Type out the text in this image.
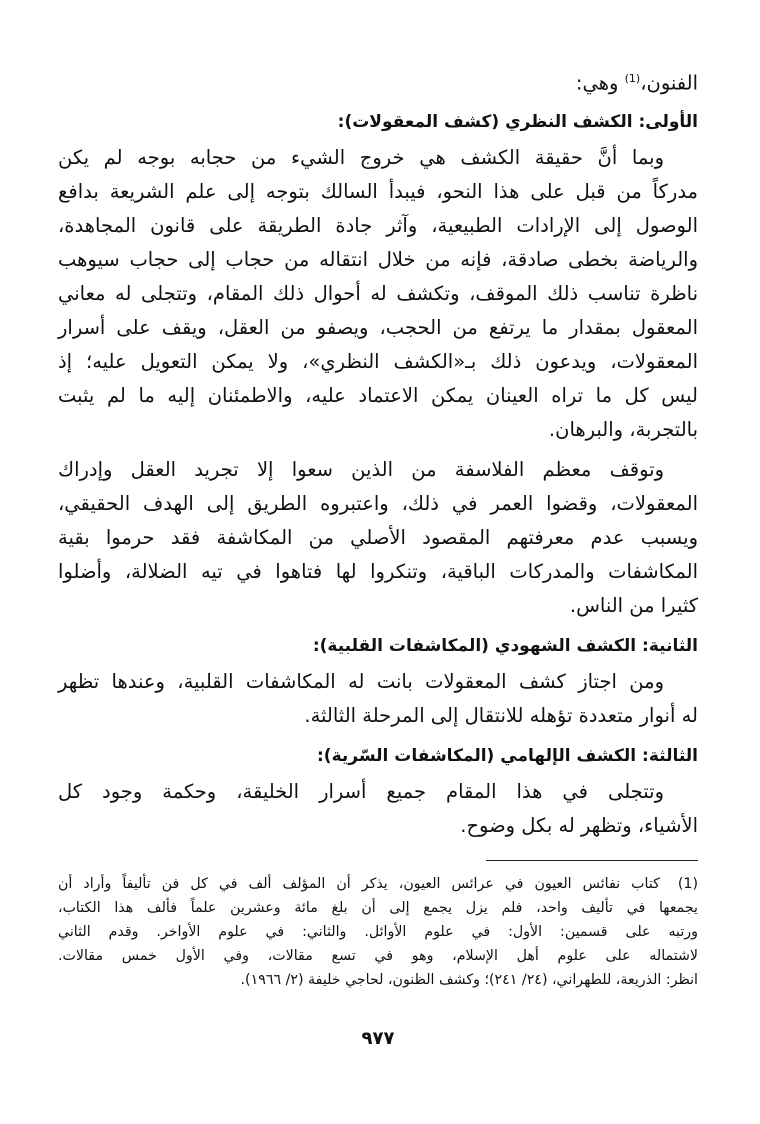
الفنون،$^{(1)}$ وهي:

الأولى: الكشف النظري (كشف المعقولات):

وبما أنَّ حقيقة الكشف هي خروج الشيء من حجابه بوجه لم يكن

مدركاً من قبل على هذا النحو، فيبدأ السالك بتوجه إلى علم الشريعة بدافع

الوصول إلى الإرادات الطبيعية، وآثر جادة الطريقة على قانون المجاهدة،

والرياضة بخطى صادقة، فإنه من خلال انتقاله من حجاب إلى حجاب سيوهب

ناظرة تناسب ذلك الموقف، وتكشف له أحوال ذلك المقام، وتتجلى له معاني

المعقول بمقدار ما يرتفع من الحجب، ويصفو من العقل، ويقف على أسرار

المعقولات، ويدعون ذلك بـ«الكشف النظري»، ولا يمكن التعويل عليه؛ إذ

ليس كل ما تراه العينان يمكن الاعتماد عليه، والاطمئنان إليه ما لم يثبت

بالتجربة، والبرهان.

وتوقف معظم الفلاسفة من الذين سعوا إلا تجريد العقل وإدراك

المعقولات، وقضوا العمر في ذلك، واعتبروه الطريق إلى الهدف الحقيقي،

ويسبب عدم معرفتهم المقصود الأصلي من المكاشفة فقد حرموا بقية

المكاشفات والمدركات الباقية، وتنكروا لها فتاهوا في تيه الضلالة، وأضلوا

كثيرا من الناس.

الثانية: الكشف الشهودي (المكاشفات القلبية):

ومن اجتاز كشف المعقولات بانت له المكاشفات القلبية، وعندها تظهر

له أنوار متعددة تؤهله للانتقال إلى المرحلة الثالثة.

الثالثة: الكشف الإلهامي (المكاشفات السّرية):

وتتجلى في هذا المقام جميع أسرار الخليقة، وحكمة وجود كل

الأشياء، وتظهر له بكل وضوح.

(1)كتاب نفائس العيون في عرائس العيون، يذكر أن المؤلف ألف في كل فن تأليفاً وأراد أن

يجمعها في تأليف واحد، فلم يزل يجمع إلى أن بلغ مائة وعشرين علماً فألف هذا الكتاب،

ورتبه على قسمين: الأول: في علوم الأوائل. والثاني: في علوم الأواخر. وقدم الثاني

لاشتماله على علوم أهل الإسلام، وهو في تسع مقالات، وفي الأول خمس مقالات.

انظر: الذريعة، للطهراني، (٢٤/ ٢٤١)؛ وكشف الظنون، لحاجي خليفة (٢/ ١٩٦٦).

٩٧٧
